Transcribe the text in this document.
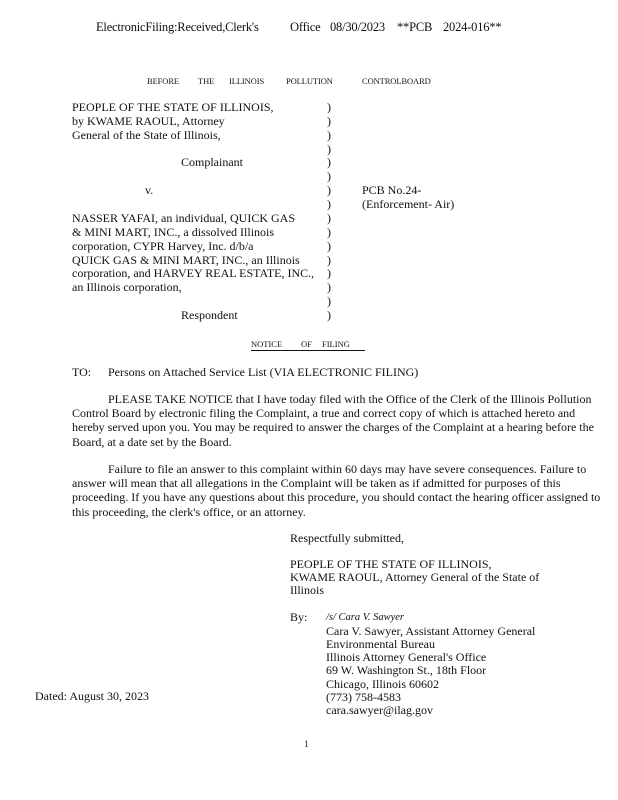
ElectronicFiling:Received,Clerk's	Office 08/30/2023 **PCB 2024-016**
BEFORE THE ILLINOIS	POLLUTION	CONTROLBOARD
PEOPLE OF THE STATE OF ILLINOIS,
by KWAME RAOUL, Attorney
General of the State of Illinois,
Complainant
v.	PCB No.24-
(Enforcement- Air)
NASSER YAFAI, an individual, QUICK GAS
& MINI MART, INC., a dissolved Illinois
corporation, CYPR Harvey, Inc. d/b/a
QUICK GAS & MINI MART, INC., an Illinois
corporation, and HARVEY REAL ESTATE, INC.,
an Illinois corporation,
Respondent
)
)
)
)
)
)
)
)
)
)
)
)
)
)
)
)
NOTICE OF FILING
TO: Persons on Attached Service List (VIA ELECTRONIC FILING)
PLEASE TAKE NOTICE that I have today filed with the Office of the Clerk of the Illinois Pollution Control Board by electronic filing the Complaint, a true and correct copy of which is attached hereto and hereby served upon you. You may be required to answer the charges of the Complaint at a hearing before the Board, at a date set by the Board.
Failure to file an answer to this complaint within 60 days may have severe consequences. Failure to answer will mean that all allegations in the Complaint will be taken as if admitted for purposes of this proceeding. If you have any questions about this procedure, you should contact the hearing officer assigned to this proceeding, the clerk's office, or an attorney.
Respectfully submitted,
PEOPLE OF THE STATE OF ILLINOIS,
KWAME RAOUL, Attorney General of the State of
Illinois
By: /s/ Cara V. Sawyer
Cara V. Sawyer, Assistant Attorney General
Environmental Bureau
Illinois Attorney General's Office
69 W. Washington St., 18th Floor
Chicago, Illinois 60602
(773) 758-4583
cara.sawyer@ilag.gov
Dated: August 30, 2023
1
